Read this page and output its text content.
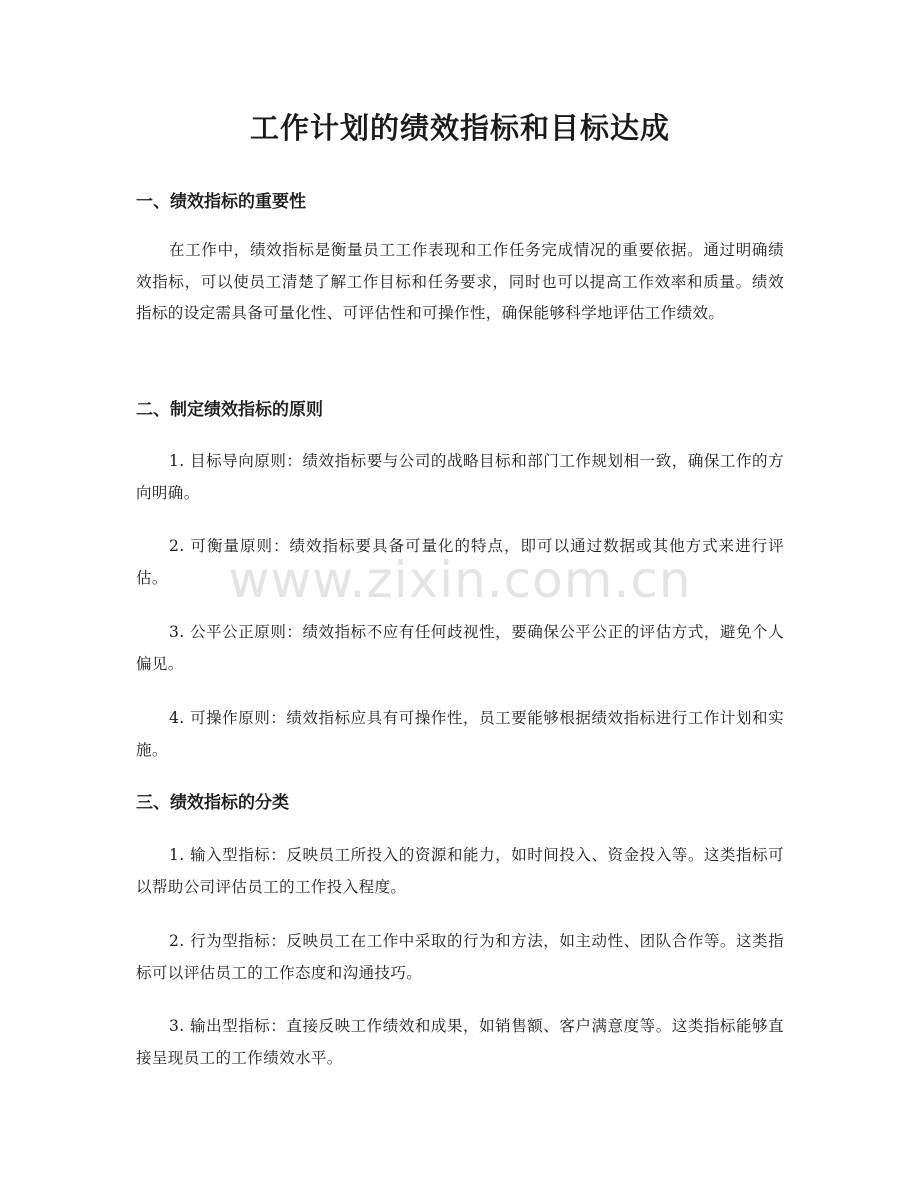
工作计划的绩效指标和目标达成
一、绩效指标的重要性

在工作中，绩效指标是衡量员工工作表现和工作任务完成情况的重要依据。通过明确绩效指标，可以使员工清楚了解工作目标和任务要求，同时也可以提高工作效率和质量。绩效指标的设定需具备可量化性、可评估性和可操作性，确保能够科学地评估工作绩效。

二、制定绩效指标的原则

1. 目标导向原则：绩效指标要与公司的战略目标和部门工作规划相一致，确保工作的方向明确。

2. 可衡量原则：绩效指标要具备可量化的特点，即可以通过数据或其他方式来进行评估。

3. 公平公正原则：绩效指标不应有任何歧视性，要确保公平公正的评估方式，避免个人偏见。

4. 可操作原则：绩效指标应具有可操作性，员工要能够根据绩效指标进行工作计划和实施。

三、绩效指标的分类

1. 输入型指标：反映员工所投入的资源和能力，如时间投入、资金投入等。这类指标可以帮助公司评估员工的工作投入程度。

2. 行为型指标：反映员工在工作中采取的行为和方法，如主动性、团队合作等。这类指标可以评估员工的工作态度和沟通技巧。

3. 输出型指标：直接反映工作绩效和成果，如销售额、客户满意度等。这类指标能够直接呈现员工的工作绩效水平。

www.zixin.com.cn
